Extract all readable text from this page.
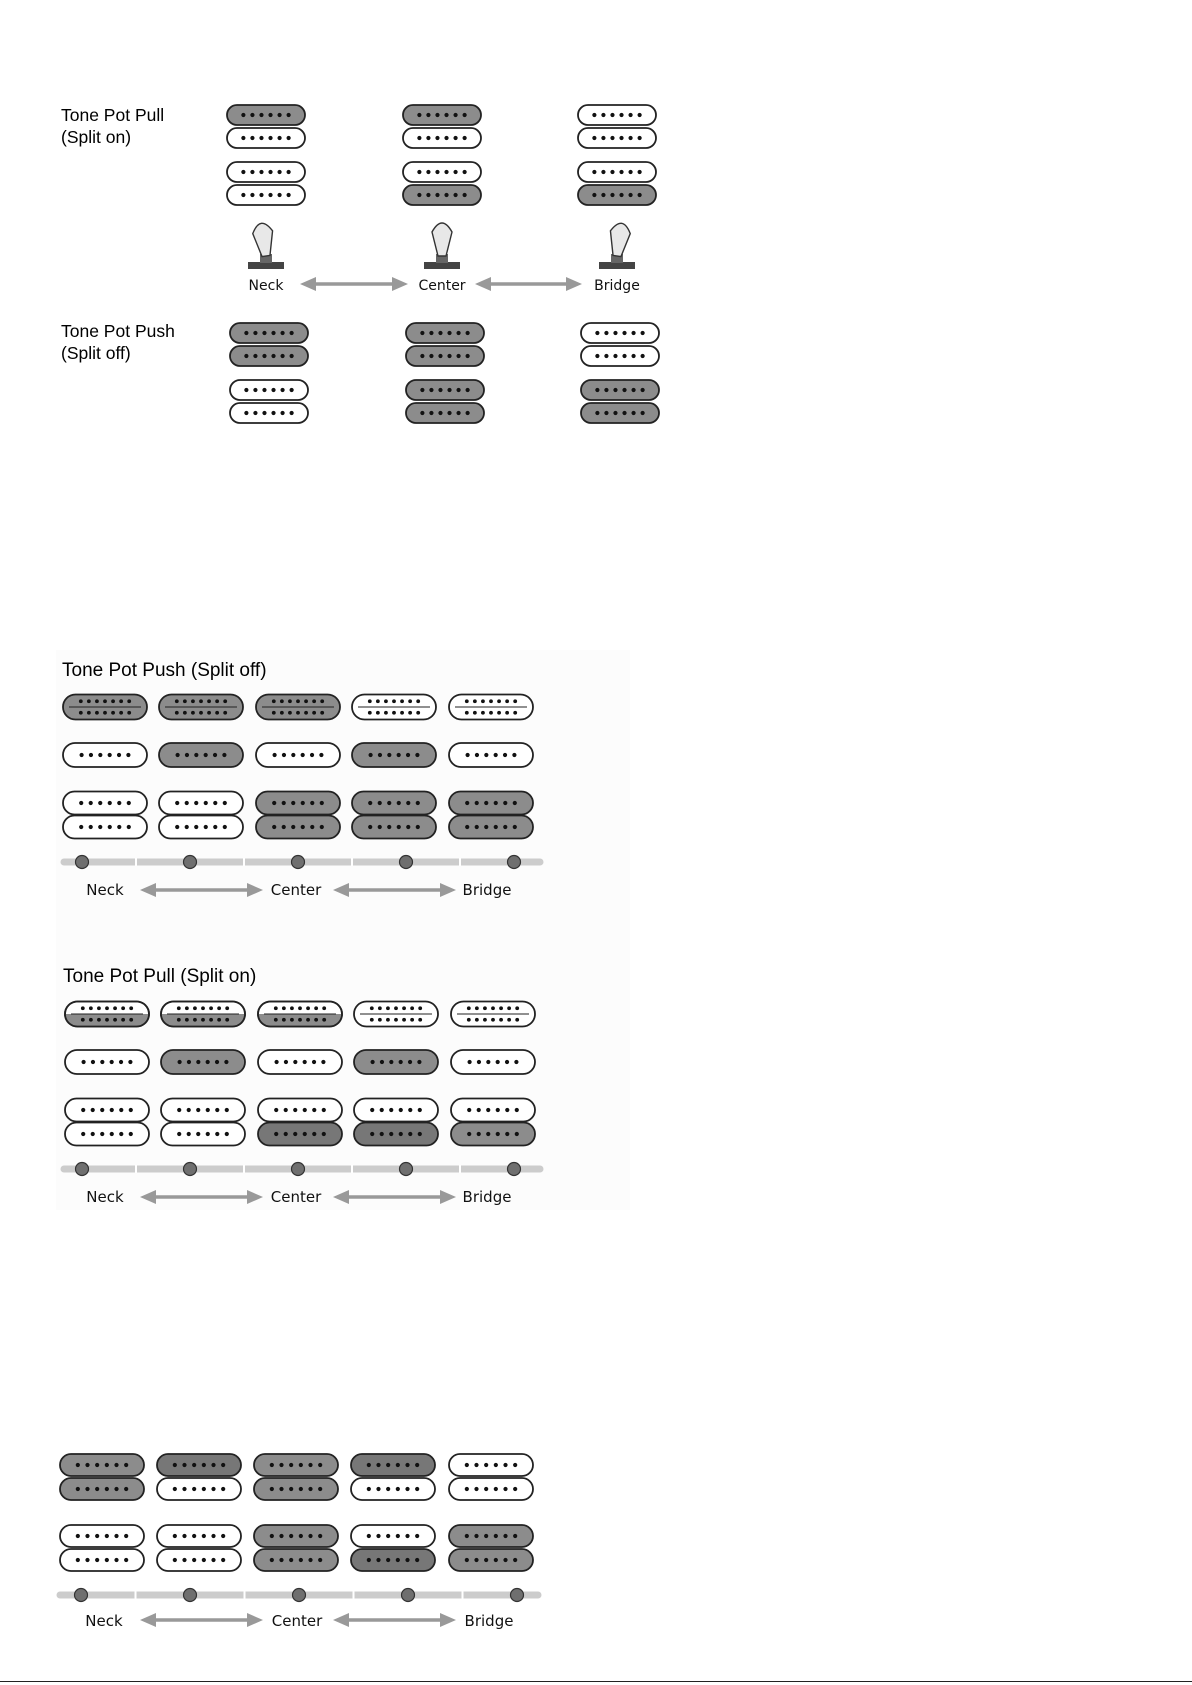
Tone Pot Pull
(Split on)
Tone Pot Push
(Split off)
Neck	Center	Bridge
Tone Pot Push (Split off)
Tone Pot Pull (Split on)
Neck	Center	Bridge
Neck	Center	Bridge
Neck	Center	Bridge
